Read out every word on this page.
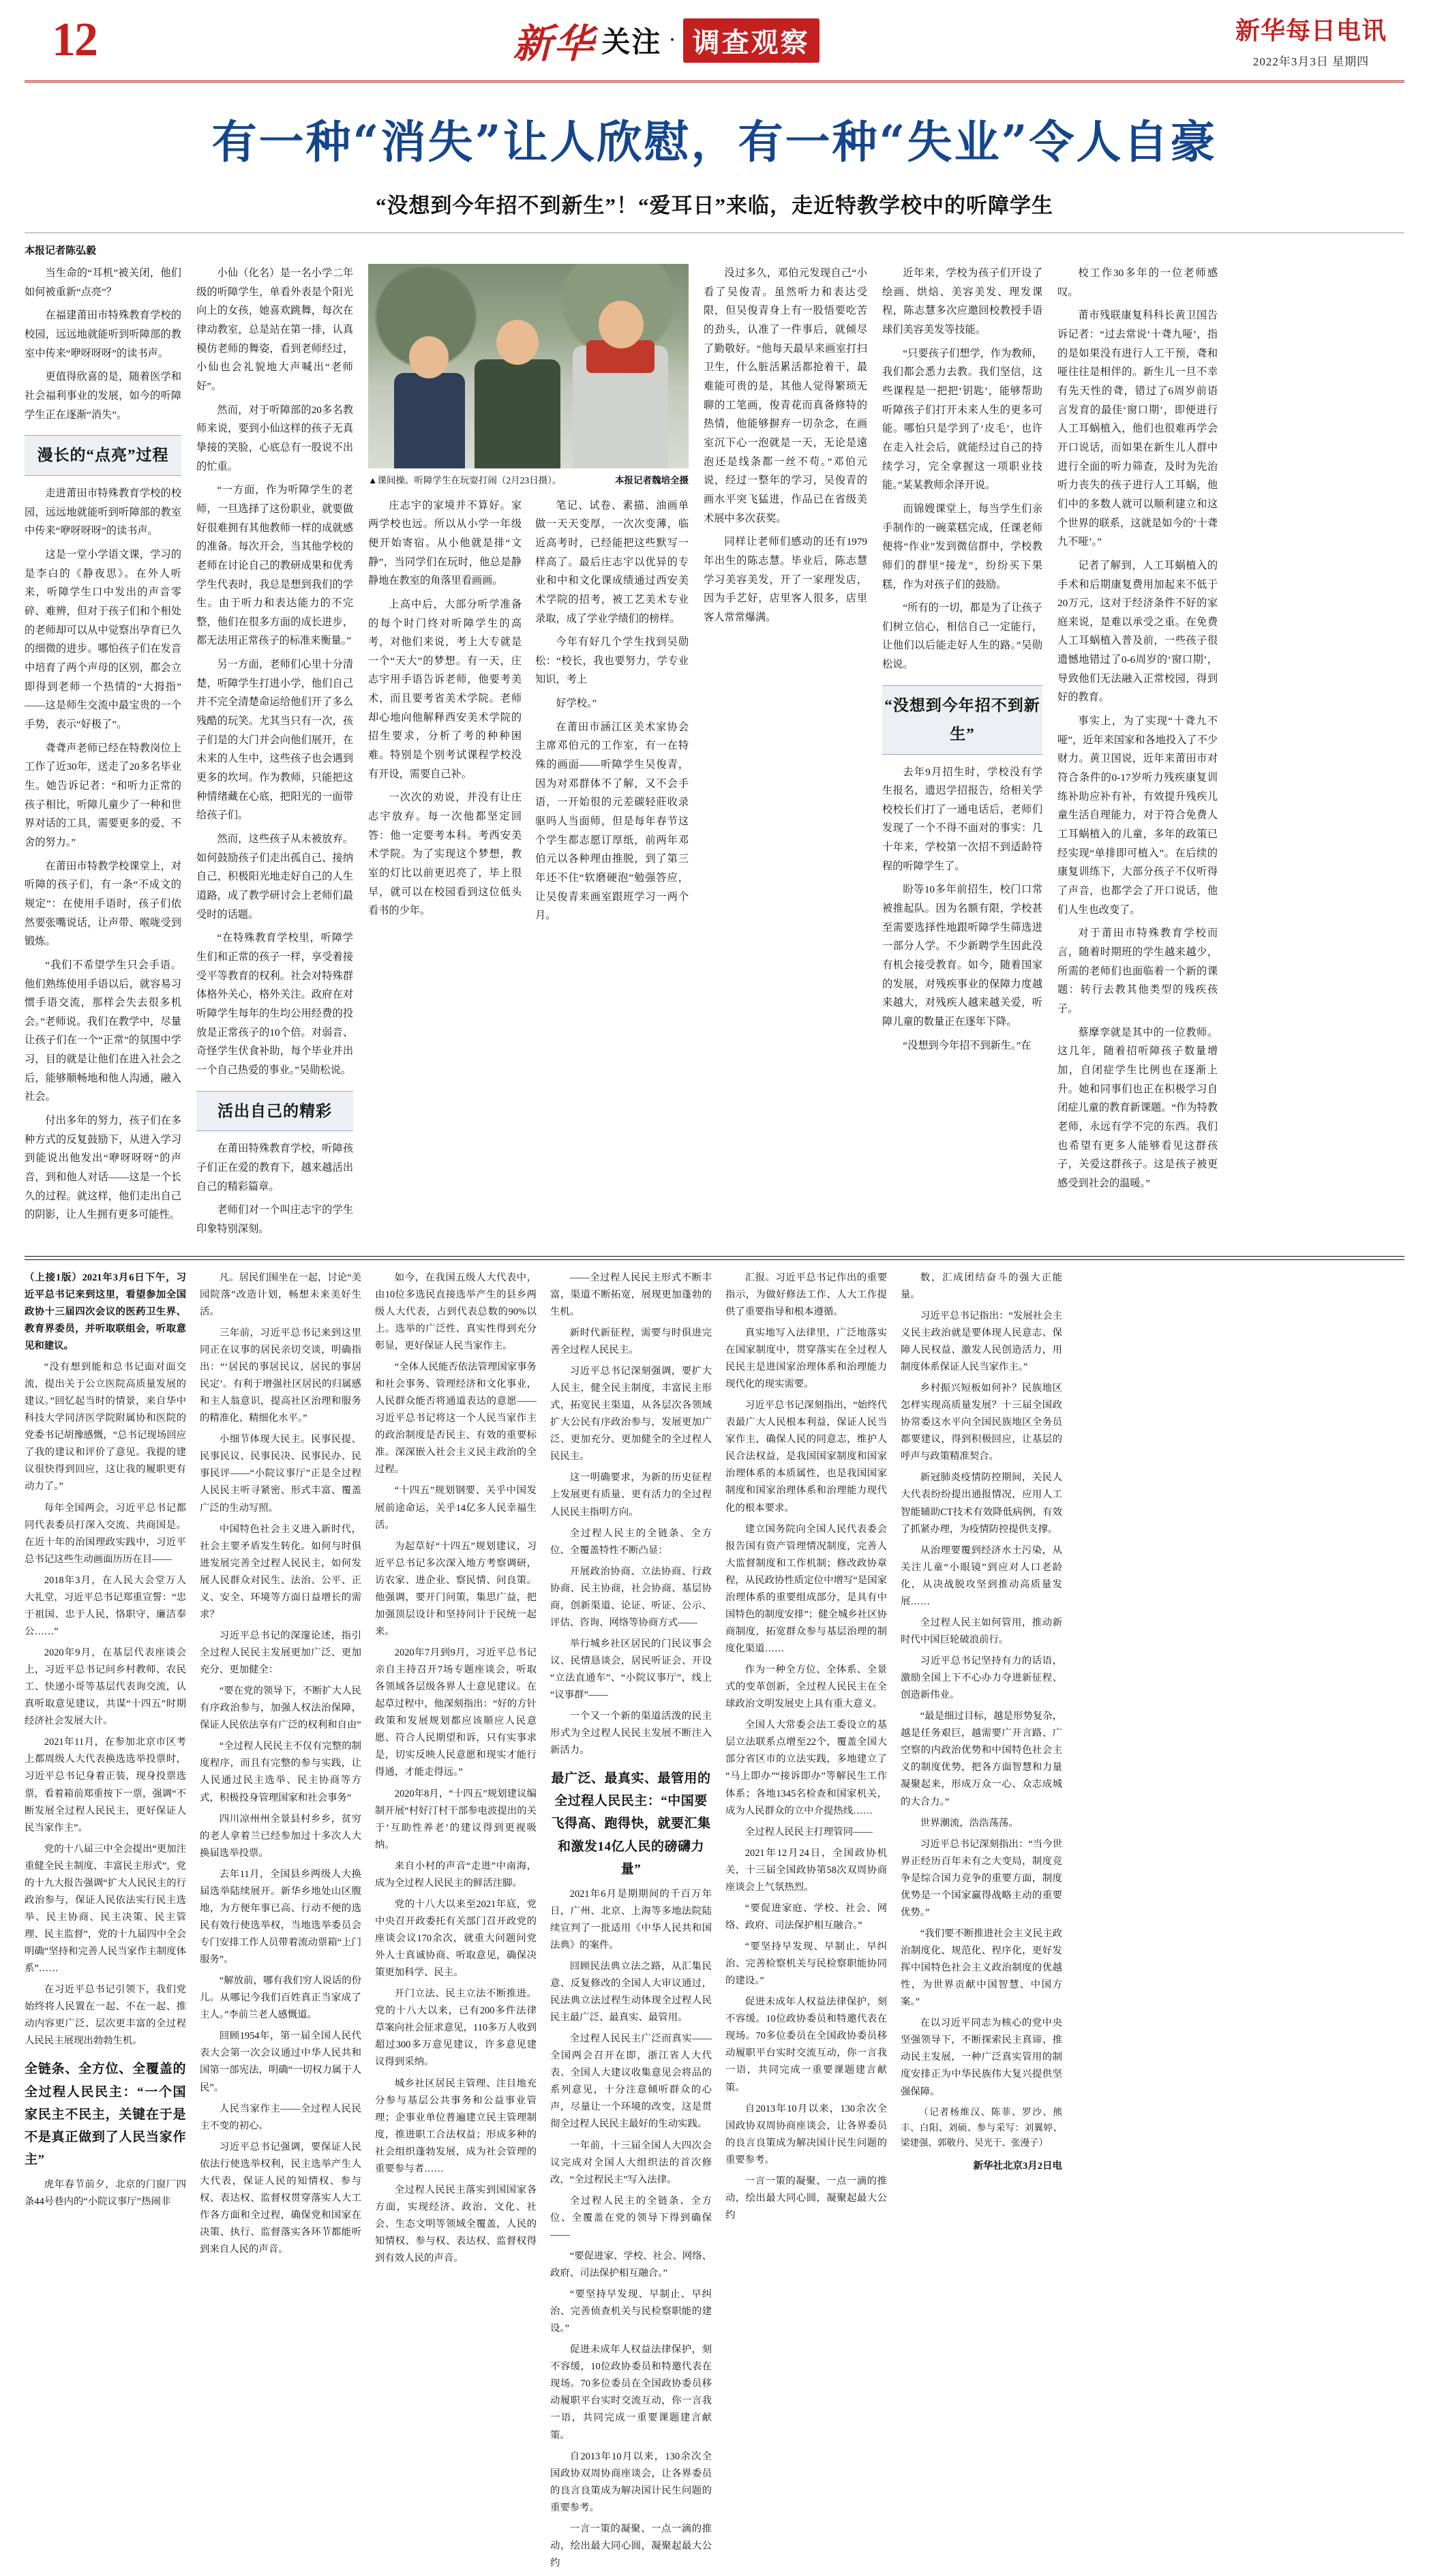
12	新华 关注 · 调查观察	新华每日电讯
2022年3月3日 星期四
有一种“消失”让人欣慰，有一种“失业”令人自豪
“没想到今年招不到新生”！“爱耳日”来临，走近特教学校中的听障学生
本报记者陈弘毅

当生命的“耳机”被关闭，他们如何被重新“点亮”？

在福建莆田市特殊教育学校的校园，远远地就能听到听障部的教室中传来“咿呀呀呀”的读书声。

更值得欣喜的是，随着医学和社会福利事业的发展，如今的听障学生正在逐渐“消失”。

漫长的“点亮”过程

走进莆田市特殊教育学校的校园，远远地就能听到听障部的教室中传来“咿呀呀呀”的读书声。

这是一堂小学语文课，学习的是李白的《静夜思》。在外人听来，听障学生口中发出的声音零碎、难辨，但对于孩子们和个相处的老师却可以从中觉察出孕育已久的细微的进步。哪怕孩子们在发音中培育了两个声母的区别，都会立即得到老师一个热情的“大拇指”——这是师生交流中最宝贵的一个手势，表示“好极了”。

聋聋声老师已经在特教岗位上工作了近30年，送走了20多名毕业生。她告诉记者：“和听力正常的孩子相比，听障儿童少了一种和世界对话的工具，需要更多的爱、不舍的努力。”

在莆田市特教学校课堂上，对听障的孩子们，有一条“不成文的规定”：在使用手语时，孩子们依然要张嘴说话，让声带、喉咙受到锻炼。

“我们不希望学生只会手语。他们熟练使用手语以后，就容易习惯手语交流，那样会失去很多机会。”老师说。我们在教学中，尽量让孩子们在一个“正常”的氛围中学习，目的就是让他们在进入社会之后，能够顺畅地和他人沟通，融入社会。

付出多年的努力，孩子们在多种方式的反复鼓励下，从进入学习到能说出他发出“咿呀呀呀”的声音，到和他人对话——这是一个长久的过程。就这样，他们走出自己的阴影，让人生拥有更多可能性。

小仙（化名）是一名小学二年级的听障学生，单看外表是个阳光向上的女孩，她喜欢跳舞，每次在律动教室，总是站在第一排，认真模仿老师的舞姿，看到老师经过，小仙也会礼貌地大声喊出“老师好”。

然而，对于听障部的20多名教师来说，要到小仙这样的孩子无真挚接的笑脸，心底总有一股说不出的忙重。

“一方面，作为听障学生的老师，一旦选择了这份职业，就要做好很难拥有其他教师一样的成就感的准备。每次开会，当其他学校的老师在讨论自己的教研成果和优秀学生代表时，我总是想到我们的学生。由于听力和表达能力的不完整，他们在很多方面的成长进步，都无法用正常孩子的标准来衡量。”

另一方面，老师们心里十分清楚，听障学生打进小学，他们自己并不完全清楚命运给他们开了多么残酷的玩笑。尤其当只有一次，孩子们是的大门并会向他们展开，在未来的人生中，这些孩子也会遇到更多的坎坷。作为教师，只能把这种情绪藏在心底，把阳光的一面带给孩子们。

然而，这些孩子从未被放弃。如何鼓励孩子们走出孤自己、接纳自己，积极阳光地走好自己的人生道路，成了教学研讨会上老师们最受时的话题。

“在特殊教育学校里，听障学生们和正常的孩子一样，享受着接受平等教育的权利。社会对特殊群体格外关心，格外关注。政府在对听障学生每年的生均公用经费的投放是正常孩子的10个倍。对弱音、奇怪学生伏食补助，每个毕业并出一个自己热爱的事业。”吴勋松说。

活出自己的精彩

在莆田特殊教育学校，听障孩子们正在爱的教育下，越来越活出自己的精彩篇章。

老师们对一个叫庄志宇的学生印象特别深刻。

▲课间操。听障学生在玩耍打闹（2月23日摄）。	本报记者魏培全摄

庄志宇的家境并不算好。家两学校也远。所以从小学一年级便开始寄宿。从小他就是排“文静”，当同学们在玩时，他总是静静地在教室的角落里看画画。

上高中后，大部分听学准备的每个时门终对听障学生的高考，对他们来说，考上大专就是一个“天大”的梦想。有一天，庄志宇用手语告诉老师，他要考美术，而且要考省美术学院。老师却心地向他解释西安美术学院的招生要求，分析了考的种种困难。特别是个别考试课程学校没有开设，需要自己补。

一次次的劝说，并没有让庄志宇放弃。每一次他都坚定回答：他一定要考本科。考西安美术学院。为了实现这个梦想，教室的灯比以前更迟亮了，毕上很早，就可以在校园看到这位低头看书的少年。

笔记、试卷、素描、油画单做一天天变厚，一次次变薄，临近高考时，已经能把这些默写一样高了。最后庄志宇以优异的专业和中和文化课成绩通过西安美术学院的招考，被工艺美术专业录取，成了学业学绩们的榜样。

今年有好几个学生找到吴勋松：“校长，我也要努力，学专业知识，考上

好学校。”

在莆田市涵江区美术家协会主席邓伯元的工作室，有一在特殊的画面——听障学生吴俊青，因为对邓群体不了解，又不会手语，一开始很的元差碳轻莊收录驱吗人当面师，但是每年春节这个学生都志愿订厚纸，前两年邓伯元以各种理由推脱，到了第三年还不住“软磨硬泡”勉强答应，让吴俊青来画室跟班学习一两个月。

没过多久，邓伯元发现自己“小看了吴俊青。虽然听力和表达受限，但吴俊青身上有一股悟要吃苦的劲头，认准了一件事后，就倾尽了勤敬好。“他每天最早来画室打扫卫生，什么脏活累活都抢着干，最难能可贵的是，其他人觉得繁琐无聊的工笔画，俊青花而真备修特的热情，他能够摒弃一切杂念，在画室沉下心一泡就是一天，无论是遠泡还是线条都一丝不苟。”邓伯元说，经过一整年的学习，吴俊青的画水平突飞猛进，作品已在省级美术展中多次获奖。

同样让老师们感动的还有1979年出生的陈志慧。毕业后，陈志慧学习美容美发，开了一家理发店，因为手艺好，店里客人很多，店里客人常常爆满。

近年来，学校为孩子们开设了绘画、烘焙、美容美发、理发课程，陈志慧多次应邀回校教授手语球们美容美发等技能。

“只要孩子们想学，作为教师，我们都会悉力去教。我们坚信，这些课程是一把把‘钥匙’，能够帮助听障孩子们打开未来人生的更多可能。哪怕只是学到了‘皮毛’，也许在走入社会后，就能经过自己的持续学习，完全拿握这一项职业技能。”某某教师余泽开说。

而锦嫂课堂上，每当学生们亲手制作的一碗菜糕完成，任课老师便将“作业”发到微信群中，学校教师们的群里“接龙”，纷纷买下果糕，作为对孩子们的鼓励。

“所有的一切，都是为了让孩子们树立信心，相信自己一定能行，让他们以后能走好人生的路。”吴勋松说。

“没想到今年招不到新生”

去年9月招生时，学校没有学生报名，遗迟学招报告，给相关学校校长们打了一通电话后，老师们发现了一个不得不面对的事实：几十年来，学校第一次招不到适龄符程的听障学生了。

盼等10多年前招生，校门口常被推起队。因为名额有限，学校甚至需要选择性地跟听障学生筛选进一部分人学。不少新聘学生因此没有机会接受教育。如今，随着国家的发展，对残疾事业的保障力度越来越大，对残疾人越来越关爱，听障儿童的数量正在逐年下降。

“没想到今年招不到新生。”在

校工作30多年的一位老师感叹。

莆市残联康复科科长黄卫国告诉记者：“过去常说‘十聋九哑’，指的是如果没有进行人工干预，聋和哑往往是相伴的。新生儿一旦不幸有先天性的聋，错过了6周岁前语言发育的最佳‘窗口期’，即便进行人工耳蜗植入，他们也很难再学会开口说话，而如果在新生儿人群中进行全面的听力筛查，及时为先治听力丧失的孩子进行人工耳蜗，他们中的多数人就可以顺利建立和这个世界的联系，这就是如今的‘十聋九不哑’。”

记者了解到，人工耳蜗植入的手术和后期康复费用加起来不低于20万元，这对于经济条件不好的家庭来说，是难以承受之重。在免费人工耳蜗植入普及前，一些孩子很遗憾地错过了0-6周岁的‘窗口期’，导致他们无法融入正常校园，得到好的教育。

事实上，为了实现“十聋九不哑”，近年来国家和各地投入了不少财力。黄卫国说，近年来莆田市对符合条件的0-17岁听力残疾康复训练补助应补有补，有效提升残疾儿童生活自理能力，对于符合免费人工耳蜗植入的儿童，多年的政策已经实现“单排即可植入”。在后续的康复训练下，大部分孩子不仅听得了声音，也都学会了开口说话，他们人生也改变了。

对于莆田市特殊教育学校而言，随着时期班的学生越来越少，所需的老师们也面临着一个新的课题：转行去教其他类型的残疾孩子。

蔡摩孪就是其中的一位教师。这几年，随着招听障孩子数量增加，自闭症学生比例也在逐渐上升。她和同事们也正在积极学习自闭症儿童的教育新课题。“作为特教老师，永远有学不完的东西。我们也希望有更多人能够看见这群孩子，关爱这群孩子。这是孩子被更感受到社会的温暖。”

（上接1版）2021年3月6日下午，习近平总书记来到这里，看望参加全国政协十三届四次会议的医药卫生界、教育界委员，并听取联组会，听取意见和建议。

“没有想到能和总书记面对面交流，提出关于公立医院高质量发展的建议。”回忆起当时的情景，来自华中科技大学同济医学院附属协和医院的党委书记胡豫感慨，“总书记现场回应了我的建议和评价了意见。我提的建议很快得到回应，这让我的履职更有动力了。”

每年全国两会，习近平总书记都同代表委员打深入交流、共商国是。在近十年的治国理政实践中，习近平总书记这些生动画面历历在目——

2018年3月，在人民大会堂万人大礼堂，习近平总书记郑重宣誓：“忠于祖国、忠于人民，恪职守、廉洁奉公……”

2020年9月，在基层代表座谈会上，习近平总书记问乡村教师、农民工、快递小哥等基层代表询交流，认真听取意见建议，共谋“十四五”时期经济社会发展大计。

2021年11月，在参加北京市区考上都周级人大代表换选选举投票时，习近平总书记身着正装，现身投票选票，看着箱前郑重按下一票，强调“不断发展全过程人民民主，更好保证人民当家作主”。

党的十八届三中全会提出“更加注重健全民主制度、丰富民主形式”，党的十九大报告强调“扩大人民民主的行政治参与，保证人民依法实行民主选举、民主协商、民主决策、民主管理、民主监督”，党的十九届四中全会明确“坚持和完善人民当家作主制度体系”……

在习近平总书记引领下，我们党始终将人民置在一起、不在一起、推动内容更广泛、层次更丰富的全过程人民民主展现出勃勃生机。

全链条、全方位、全覆盖的全过程人民民主：“一个国家民主不民主，关键在于是不是真正做到了人民当家作主”

虎年春节前夕，北京的门窗厂四条44号巷内的“小院议事厅”热闹非

凡。居民们围坐在一起，讨论“美园院落”改造计划，畅想未来美好生活。

三年前，习近平总书记来到这里同正在议事的居民亲切交谈，明确指出：“‘居民的事居民议，居民的事居民定’。有利于增强社区居民的归属感和主人翁意识，提高社区治理和服务的精准化、精细化水平。”

小细节体现大民主。民事民提、民事民议、民事民决、民事民办、民事民评——“小院议事厅”正是全过程人民民主听寻紧密、形式丰富、覆盖广泛的生动写照。

中国特色社会主义进入新时代，社会主要矛盾发生转化。如何与时俱进发展完善全过程人民民主，如何发展人民群众对民生、法治、公平、正义、安全、环境等方面日益增长的需求？

习近平总书记的深邃论述，指引全过程人民民主发展更加广泛、更加充分、更加健全：

“要在党的领导下，不断扩大人民有序政治参与，加强人权法治保障，保证人民依法享有广泛的权利和自由”

“全过程人民民主不仅有完整的制度程序，而且有完整的参与实践，让人民通过民主选举、民主协商等方式，积极投身管理国家和社会事务”

四川凉州州全景县村乡乡，贫穷的老人拿着兰已经参加过十多次人大换届选举投票。

去年11月，全国县乡两级人大换届选举陆续展开。新华乡地处山区腹地，为方便年事已高、行动不便的选民有效行使选举权，当地选举委员会专门安排工作人员带着流动票箱“上门服务”。

“解放前，哪有我们穷人说话的份儿。从哪记今我们百姓真正当家成了主人。”李前兰老人感慨道。

回顾1954年，第一届全国人民代表大会第一次会议通过中华人民共和国第一部宪法，明确“一切权力属于人民”。

人民当家作主——全过程人民民主不变的初心。

习近平总书记强调，要保证人民依法行使选举权利，民主选举产生人大代表，保证人民的知情权、参与权、表达权、监督权贯穿落实人大工作各方面和全过程，确保党和国家在决策、执行、监督落实各环节都能听到来自人民的声音。

如今，在我国五级人大代表中，由10位多选民直接选举产生的县乡两级人大代表，占到代表总数的90%以上。选举的广泛性、真实性得到充分彰显，更好保证人民当家作主。

“全体人民能否依法管理国家事务和社会事务、管理经济和文化事业，人民群众能否将通道表达的意愿——习近平总书记将这一个人民当家作主的政治制度是否民主、有效的重要标准。深深嵌入社会主义民主政治的全过程。

“十四五”规划钢要、关乎中国发展前途命运，关乎14亿多人民幸福生活。

为起草好“十四五”规划建议，习近平总书记多次深入地方考察调研，访农家、进企业、察民情、问良策。他强调，要开门问策，集思广益，把加强顶层设计和坚持问计于民统一起来。

2020年7月到9月，习近平总书记亲自主持召开7场专题座谈会，听取各领域各层级各界人士意见建议。在起草过程中，他深刻指出：“好的方针政策和发展规划都应该顺应人民意愿、符合人民期望和诉，只有实事求是，切实反映人民意愿和现实才能行得通，才能走得远。”

2020年8月，“十四五”规划建议编制开展“村好汀村干部参电波提出的关于‘互助性养老’的建议得到更视吸纳。

来自小村的声音“走进”中南海，成为全过程人民民主的鲜活注脚。

党的十八大以来至2021年底，党中央召开政委托有关部门召开政党的座谈会议170余次，就重大问题问党外人士真诚协商、听取意见，确保决策更加科学、民主。

开门立法、民主立法不断推进。党的十八大以来，已有200多件法律草案向社会征求意见，110多万人收到超过300多万意见建议，许多意见建议得到采纳。

城乡社区居民主管理、注目地充分参与基层公共事务和公益事业管理；企事业单位普遍建立民主管理制度，推进职工合法权益；形成多种的社会组织蓬勃发展，成为社会管理的重要参与者……

全过程人民民主落实到国国家各方面，实现经济、政治、文化、社会、生态文明等领域全覆盖，人民的知情权、参与权、表达权、监督权得到有效人民的声音。

——全过程人民民主形式不断丰富，渠道不断拓宽，展现更加蓬勃的生机。

新时代新征程，需要与时俱进完善全过程人民民主。

习近平总书记深刻强调，要扩大人民主，健全民主制度，丰富民主形式，拓宽民主渠道，从各层次各领域扩大公民有序政治参与，发展更加广泛、更加充分、更加健全的全过程人民民主。

这一明确要求，为新的历史征程上发展更有质量、更有活力的全过程人民民主指明方向。

全过程人民主的全链条、全方位、全覆盖特性不断凸显：

开展政治协商、立法协商、行政协商、民主协商，社会协商、基层协商，创新渠道、论证、听证、公示、评估、咨询、网络等协商方式——

举行城乡社区居民的门民议事会议、民情恳谈会，居民听证会、开设“立法直通车”、“小院议事厅”，线上“议事群”——

一个又一个新的渠道活泼的民主形式为全过程人民民主发展不断注入新活力。

最广泛、最真实、最管用的全过程人民民主：“中国要飞得高、跑得快，就要汇集和激发14亿人民的磅礴力量”

2021年6月是期期间的千百万年日，广州、北京、上海等多地法院陆续宣判了一批适用《中华人民共和国法典》的案件。

回顾民法典立法之路，从汇集民意、反复修改的全国人大审议通过，民法典立法过程生动体现全过程人民民主最广泛、最真实、最管用。

全过程人民民主广泛而真实——全国两会召开在即，浙江省人大代表、全国人大建议收集意见会将品的系列意见，十分注意倾听群众的心声，尽量让一个环境的改变，这是贯彻全过程人民民主最好的生动实践。

一年前，十三届全国人大四次会议完成对全国人大组织法的首次修改，“全过程民主”写入法律。

全过程人民主的全链条、全方位、全覆盖在党的领导下得到确保——

“要促进家、学校、社会、网络、政府、司法保护相互融合。”

“要坚持早发现、早制止、早纠治、完善侦查机关与民检察职能的建设。”

促进未成年人权益法律保护，刻不容缓，10位政协委员和特邀代表在现场。70多位委员在全国政协委员移动履职平台实时交流互动，你一言我一语，共同完成一重要课题建言献策。

自2013年10月以来，130余次全国政协双周协商座谈会，让各界委员的良言良策成为解决国计民生问题的重要参考。

一言一策的凝聚、一点一滴的推动，绘出最大同心圆，凝聚起最大公约

汇报。习近平总书记作出的重要指示，为做好修法工作、人大工作提供了重要指导和根本遵循。

真实地写入法律里，广泛地落实在国家制度中，贯穿落实在全过程人民民主是进国家治理体系和治理能力现代化的现实需要。

习近平总书记深刻指出，“始终代表最广大人民根本利益，保证人民当家作主，确保人民的同意志，维护人民合法权益，是我国国家制度和国家治理体系的本质属性，也是我国国家制度和国家治理体系和治理能力现代化的根本要求。

建立国务院向全国人民代表委会报告国有资产管理情况制度，完善人大监督制度和工作机制；修改政协章程，从民政协性质定位中增写“是国家治理体系的重要组成部分，是具有中国特色的制度安排”；健全城乡社区协商制度，拓宽群众参与基层治理的制度化渠道……

作为一种全方位、全体系、全景式的变革创新，全过程人民民主在全球政治文明发展史上具有重大意义。

全国人大常委会法工委设立的基层立法联系点增至22个，覆盖全国大部分省区市的立法实践，多地建立了“马上即办”“接诉即办”等解民生工作体系；各地1345名检查和国家机关，成为人民群众的立中介提热线……

全过程人民民主打理管同——

2021年12月24日，全国政协机关，十三届全国政协第58次双周协商座谈会上气氛热烈。

“要促进家庭、学校、社会、网络、政府、司法保护相互融合。”

“要坚持早发现、早制止、早纠治、完善检察机关与民检察职能协同的建设。”

促进未成年人权益法律保护，刻不容缓。10位政协委员和特邀代表在现场。70多位委员在全国政协委员移动履职平台实时交流互动，你一言我一语，共同完成一重要课题建言献策。

自2013年10月以来，130余次全国政协双周协商座谈会，让各界委员的良言良策成为解决国计民生问题的重要参考。

一言一策的凝聚、一点一滴的推动，绘出最大同心圆，凝聚起最大公约

数，汇成团结奋斗的强大正能量。

习近平总书记指出：“发展社会主义民主政治就是要体现人民意志、保障人民权益、激发人民创造活力，用制度体系保证人民当家作主。”

乡村振兴短板如何补？民族地区怎样实现高质量发展？十三届全国政协常委这水平向全国民族地区全务员都要建议，得到积极回应，让基层的呼声与政策精准契合。

新冠肺炎疫情防控期间，关民人大代表纷纷提出通报情况，应用人工智能辅助CT技术有效降低病例，有效了抓紧办理，为疫情防控提供支撑。

从治理要覆到经济水土污染，从关注儿童“小眼镜”到应对人口老龄化，从决战脱攻坚到推动高质量发展……

全过程人民主如何管用，推动新时代中国巨轮破浪前行。

习近平总书记坚持有力的话语，激励全国上下不心办力夺进新征程、创造新伟业。

“最是细过目标，越是形势复杂，越是任务艰巨，越需要广开言路、广空察的内政治优势和中国特色社会主义的制度优势，把各方面智慧和力量凝聚起来，形成万众一心、众志成城的大合力。”

世界潮流，浩浩荡荡。

习近平总书记深刻指出：“当今世界正经历百年未有之大变局，制度竞争是综合国力竞争的重要方面，制度优势是一个国家赢得战略主动的重要优势。”

“我们要不断推进社会主义民主政治制度化、规范化、程序化，更好发挥中国特色社会主义政治制度的优越性，为世界贡献中国智慧、中国方案。”

在以习近平同志为核心的党中央坚强领导下，不断探索民主真谛、推动民主发展，一种广泛真实管用的制度安排正为中华民族伟大复兴提供坚强保障。

（记者杨维汉、陈菲、罗沙、熊丰、白阳、刘硕、参与采写：刘翼婷、梁建强、郭敬丹、吴光于、张漫子）

新华社北京3月2日电
